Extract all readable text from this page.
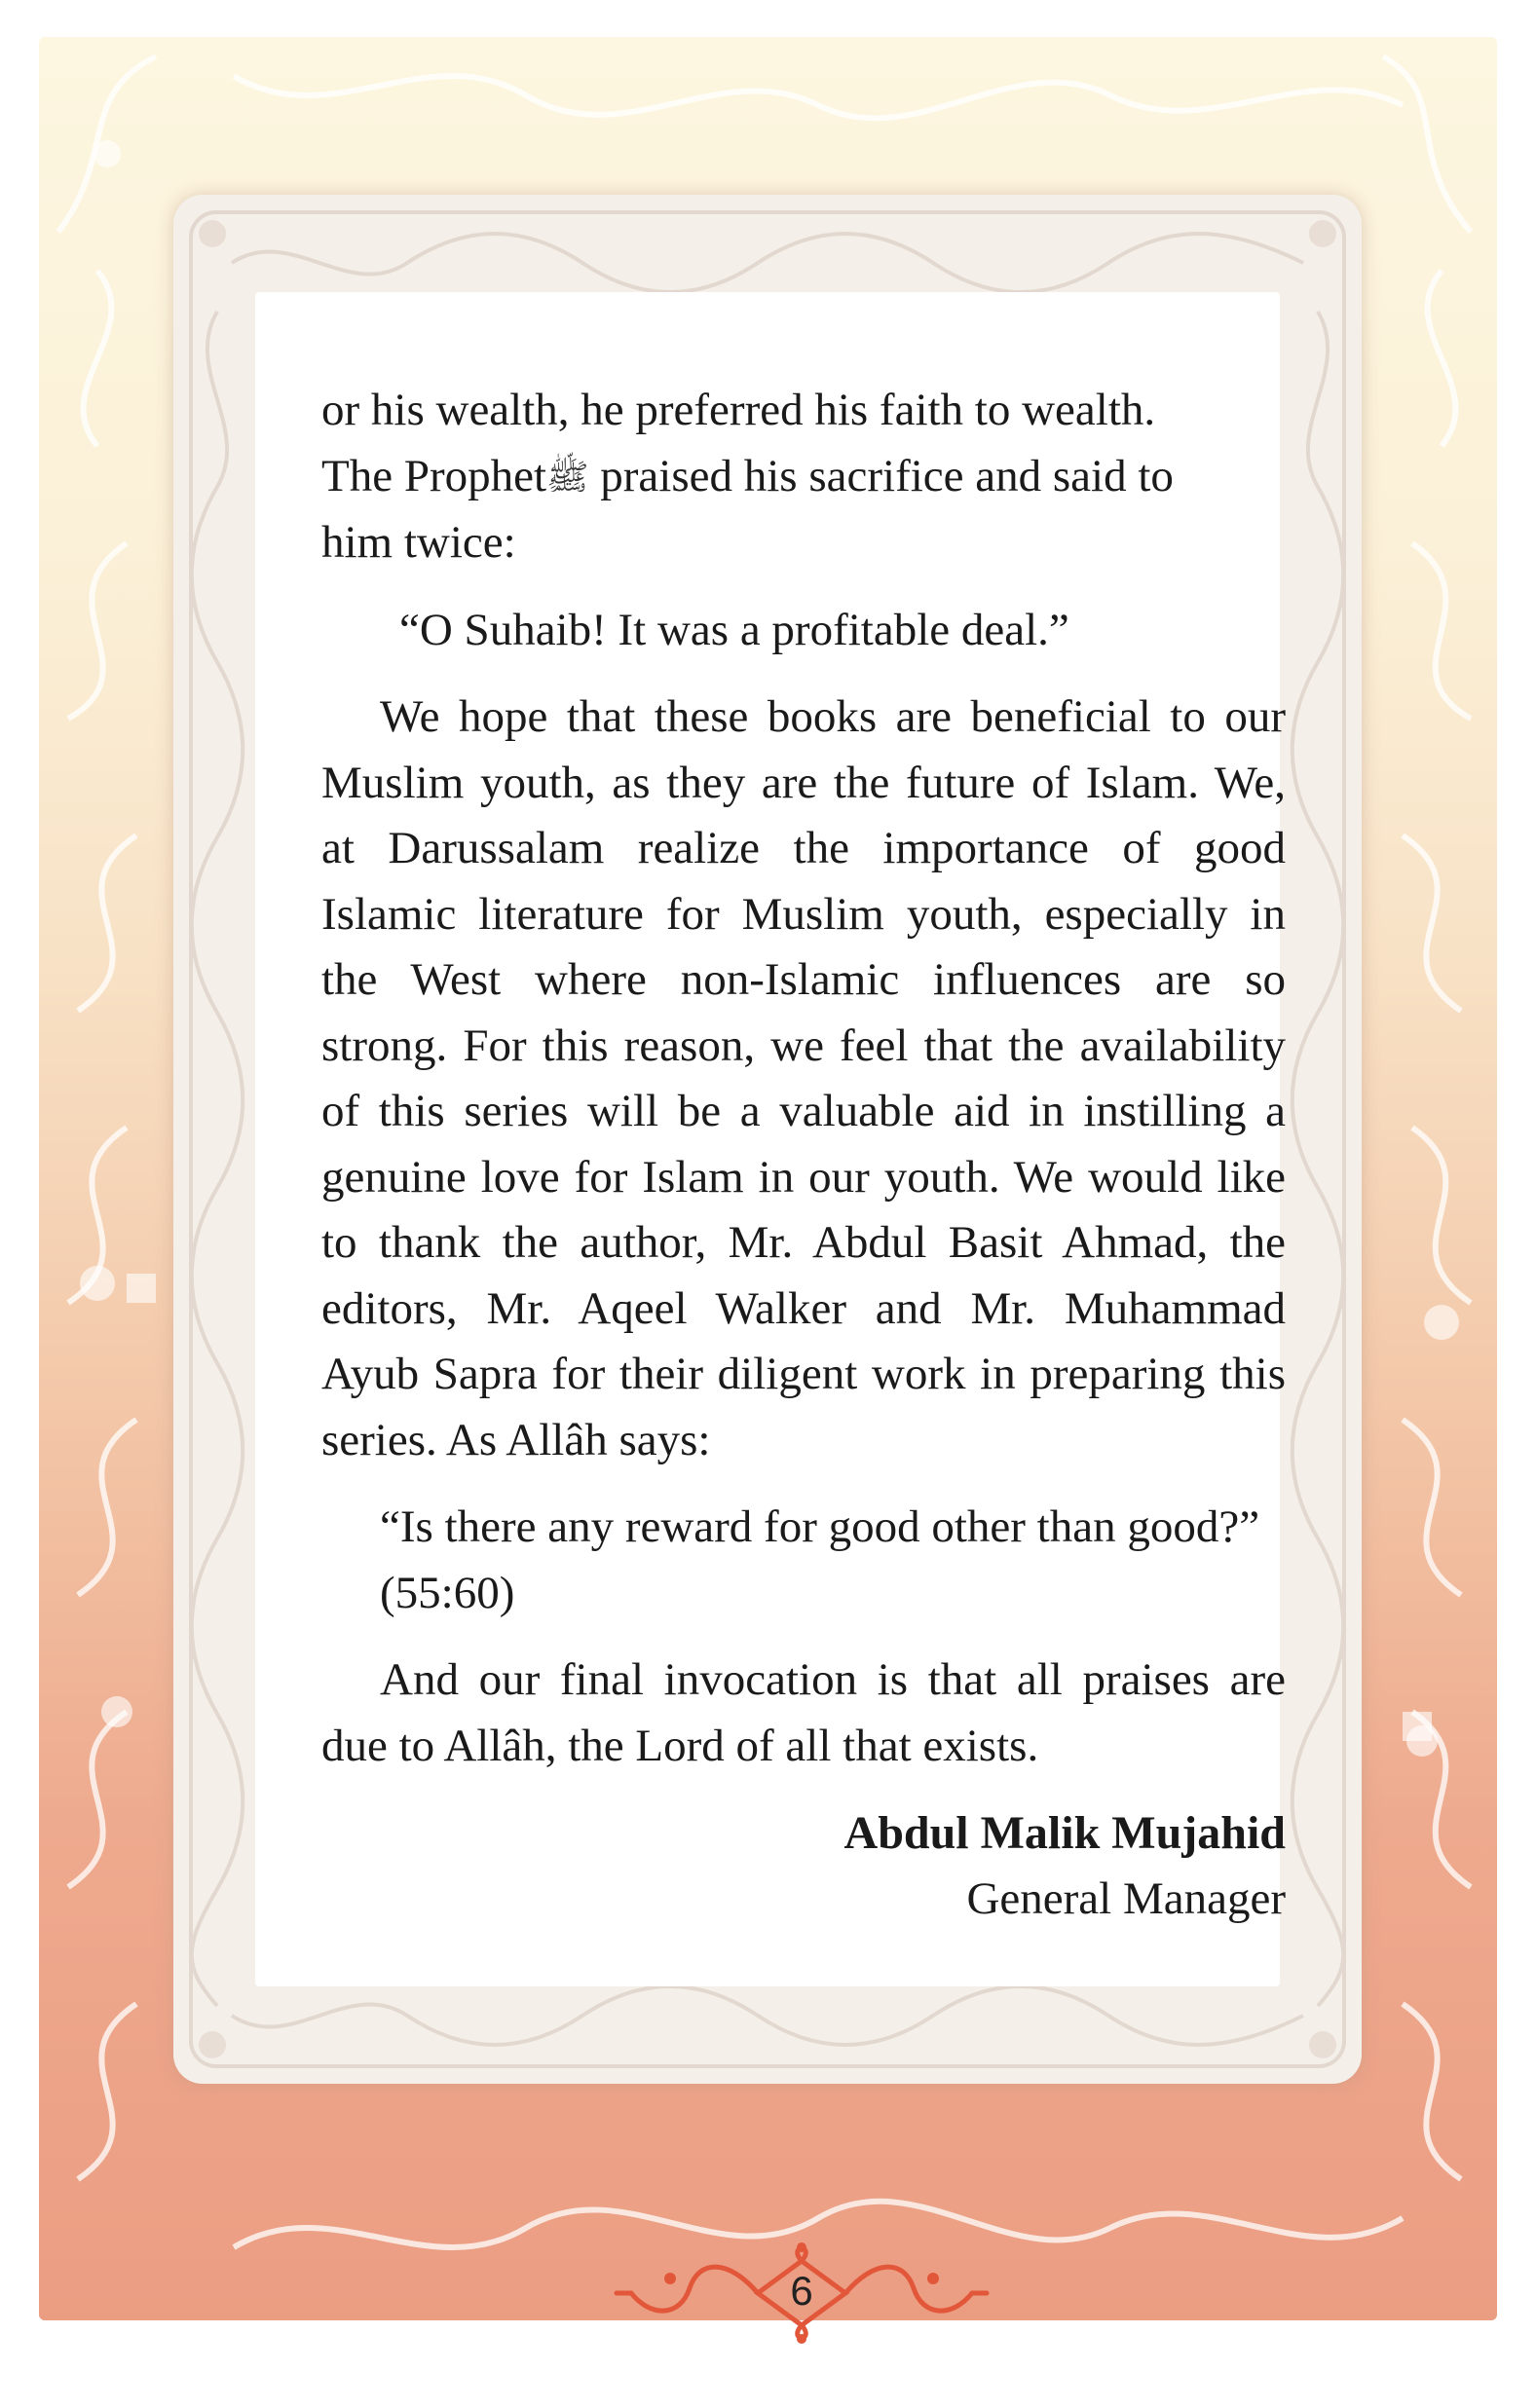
or his wealth, he preferred his faith to wealth.

The Prophetﷺ praised his sacrifice and said to

him twice:

“O Suhaib! It was a profitable deal.”

We hope that these books are beneficial to our Muslim youth, as they are the future of Islam. We, at Darussalam realize the importance of good Islamic literature for Muslim youth, especially in the West where non-Islamic influences are so strong. For this reason, we feel that the availability of this series will be a valuable aid in instilling a genuine love for Islam in our youth. We would like to thank the author, Mr. Abdul Basit Ahmad, the editors, Mr. Aqeel Walker and Mr. Muhammad Ayub Sapra for their diligent work in preparing this series. As Allâh says:

“Is there any reward for good other than good?” (55:60)

And our final invocation is that all praises are due to Allâh, the Lord of all that exists.

Abdul Malik Mujahid

General Manager

6
